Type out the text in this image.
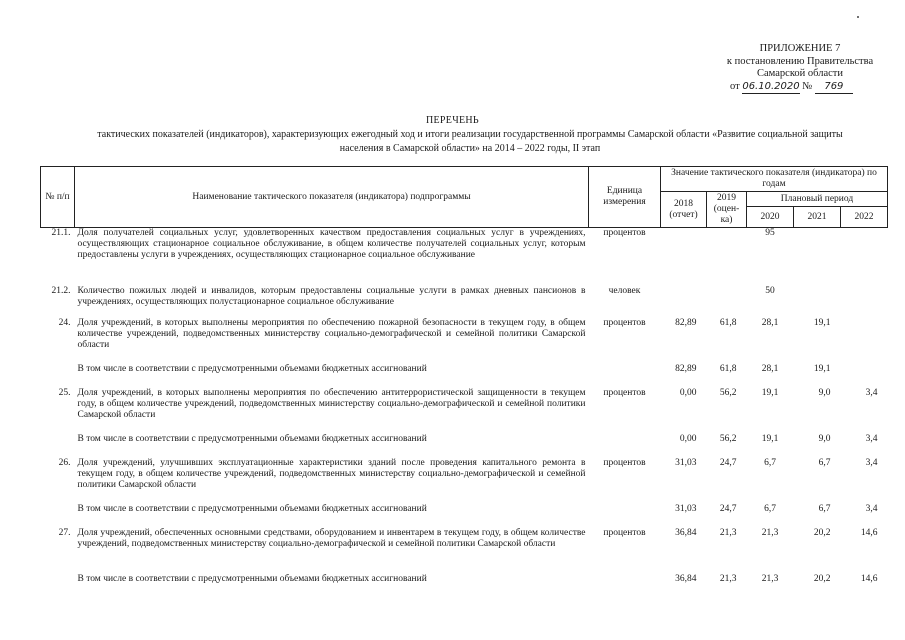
ПРИЛОЖЕНИЕ 7
к постановлению Правительства
Самарской области
от 06.10.2020 № 769
ПЕРЕЧЕНЬ
тактических показателей (индикаторов), характеризующих ежегодный ход и итоги реализации государственной программы Самарской области «Развитие социальной защиты
населения в Самарской области» на 2014 – 2022 годы, II этап
№ п/п	Наименование тактического показателя (индикатора) подпрограммы	Единица измерения	Значение тактического показателя (индикатора) по годам				
			2018 (отчет)	2019 (оцен-ка)	Плановый период		
					2020	2021	2022
21.1.	Доля получателей социальных услуг, удовлетворенных качеством предоставления социальных услуг в учреждениях, осуществляющих стационарное социальное обслуживание, в общем количестве получателей социальных услуг, которым предоставлены услуги в учреждениях, осуществляющих стационарное социальное обслуживание	процентов			95		
21.2.	Количество пожилых людей и инвалидов, которым предоставлены социальные услуги в рамках дневных пансионов в учреждениях, осуществляющих полустационарное социальное обслуживание	человек			50		
24.	Доля учреждений, в которых выполнены мероприятия по обеспечению пожарной безопасности в текущем году, в общем количестве учреждений, подведомственных министерству социально-демографической и семейной политики Самарской области	процентов	82,89	61,8	28,1	19,1	
	В том числе в соответствии с предусмотренными объемами бюджетных ассигнований		82,89	61,8	28,1	19,1	
25.	Доля учреждений, в которых выполнены мероприятия по обеспечению антитеррористической защищенности в текущем году, в общем количестве учреждений, подведомственных министерству социально-демографической и семейной политики Самарской области	процентов	0,00	56,2	19,1	9,0	3,4
	В том числе в соответствии с предусмотренными объемами бюджетных ассигнований		0,00	56,2	19,1	9,0	3,4
26.	Доля учреждений, улучшивших эксплуатационные характеристики зданий после проведения капитального ремонта в текущем году, в общем количестве учреждений, подведомственных министерству социально-демографической и семейной политики Самарской области	процентов	31,03	24,7	6,7	6,7	3,4
	В том числе в соответствии с предусмотренными объемами бюджетных ассигнований		31,03	24,7	6,7	6,7	3,4
27.	Доля учреждений, обеспеченных основными средствами, оборудованием и инвентарем в текущем году, в общем количестве учреждений, подведомственных министерству социально-демографической и семейной политики Самарской области	процентов	36,84	21,3	21,3	20,2	14,6
	В том числе в соответствии с предусмотренными объемами бюджетных ассигнований		36,84	21,3	21,3	20,2	14,6
